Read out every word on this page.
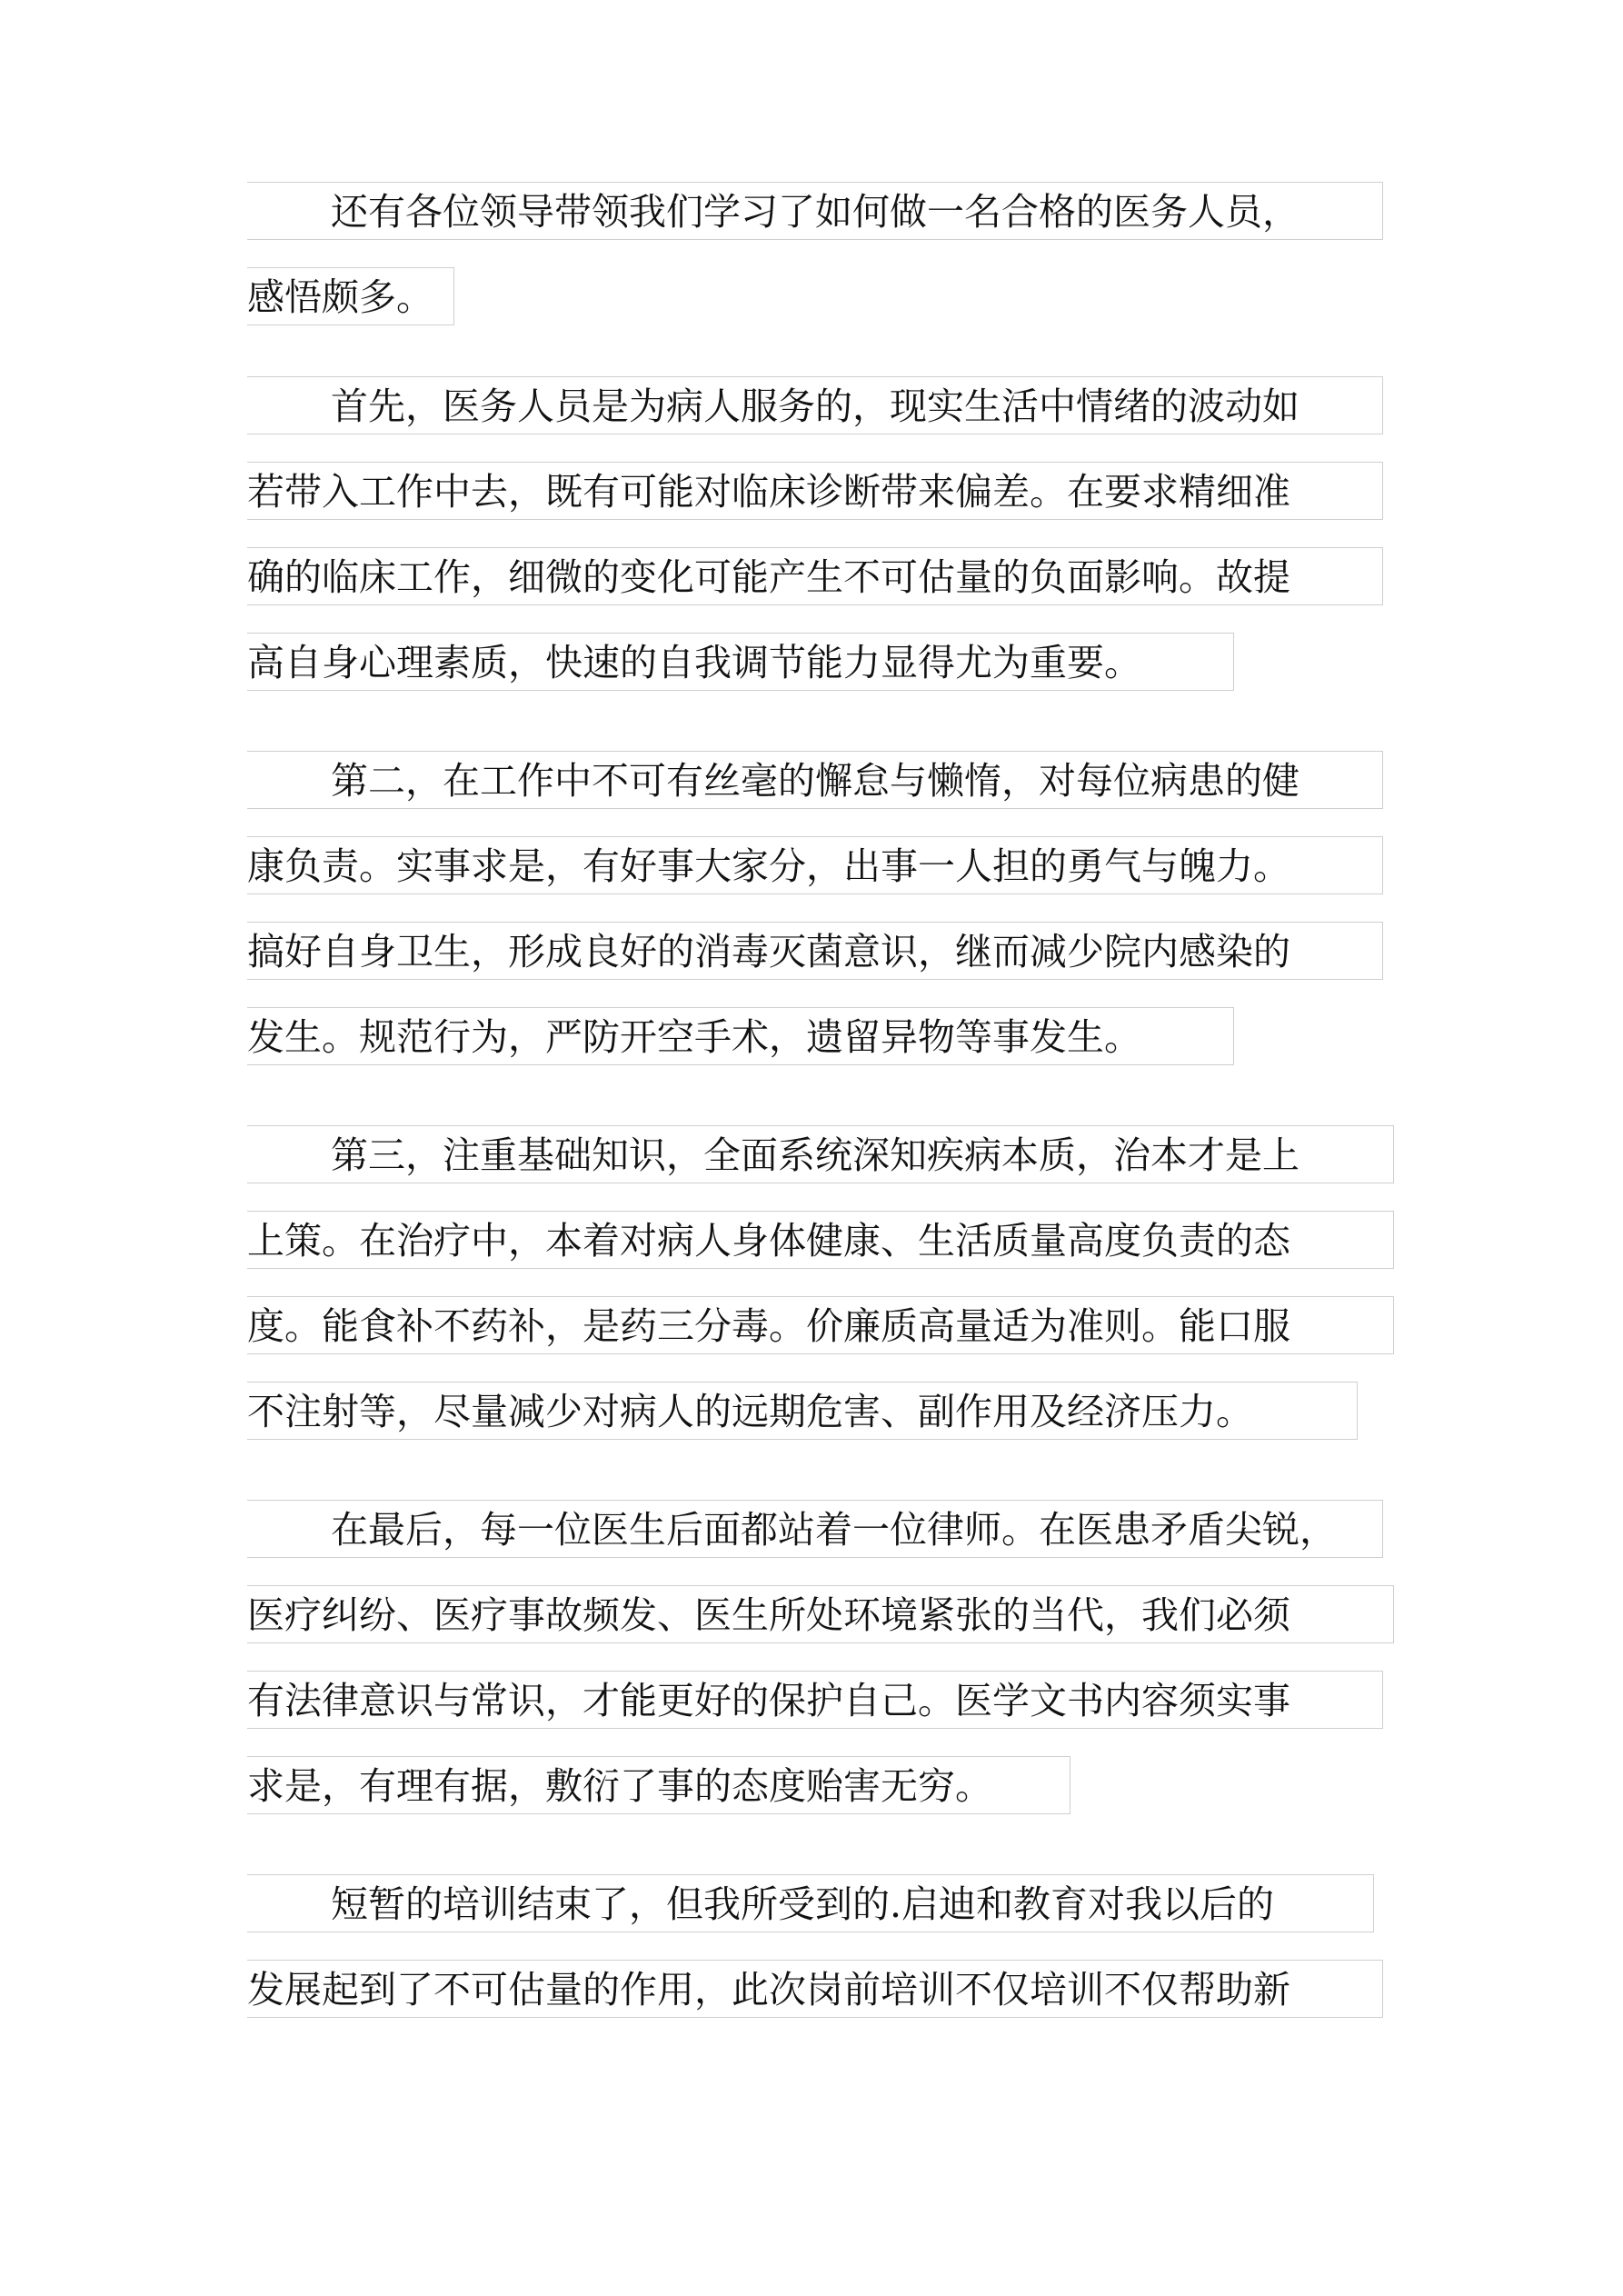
还有各位领导带领我们学习了如何做一名合格的医务人员，
感悟颇多。
首先，医务人员是为病人服务的，现实生活中情绪的波动如
若带入工作中去，既有可能对临床诊断带来偏差。在要求精细准
确的临床工作，细微的变化可能产生不可估量的负面影响。故提
高自身心理素质，快速的自我调节能力显得尤为重要。
第二，在工作中不可有丝毫的懈怠与懒惰，对每位病患的健
康负责。实事求是，有好事大家分，出事一人担的勇气与魄力。
搞好自身卫生，形成良好的消毒灭菌意识，继而减少院内感染的
发生。规范行为，严防开空手术，遗留异物等事发生。
第三，注重基础知识，全面系统深知疾病本质，治本才是上
上策。在治疗中，本着对病人身体健康、生活质量高度负责的态
度。能食补不药补，是药三分毒。价廉质高量适为准则。能口服
不注射等，尽量减少对病人的远期危害、副作用及经济压力。
在最后，每一位医生后面都站着一位律师。在医患矛盾尖锐，
医疗纠纷、医疗事故频发、医生所处环境紧张的当代，我们必须
有法律意识与常识，才能更好的保护自己。医学文书内容须实事
求是，有理有据，敷衍了事的态度贻害无穷。
短暂的培训结束了，但我所受到的.启迪和教育对我以后的
发展起到了不可估量的作用，此次岗前培训不仅培训不仅帮助新
